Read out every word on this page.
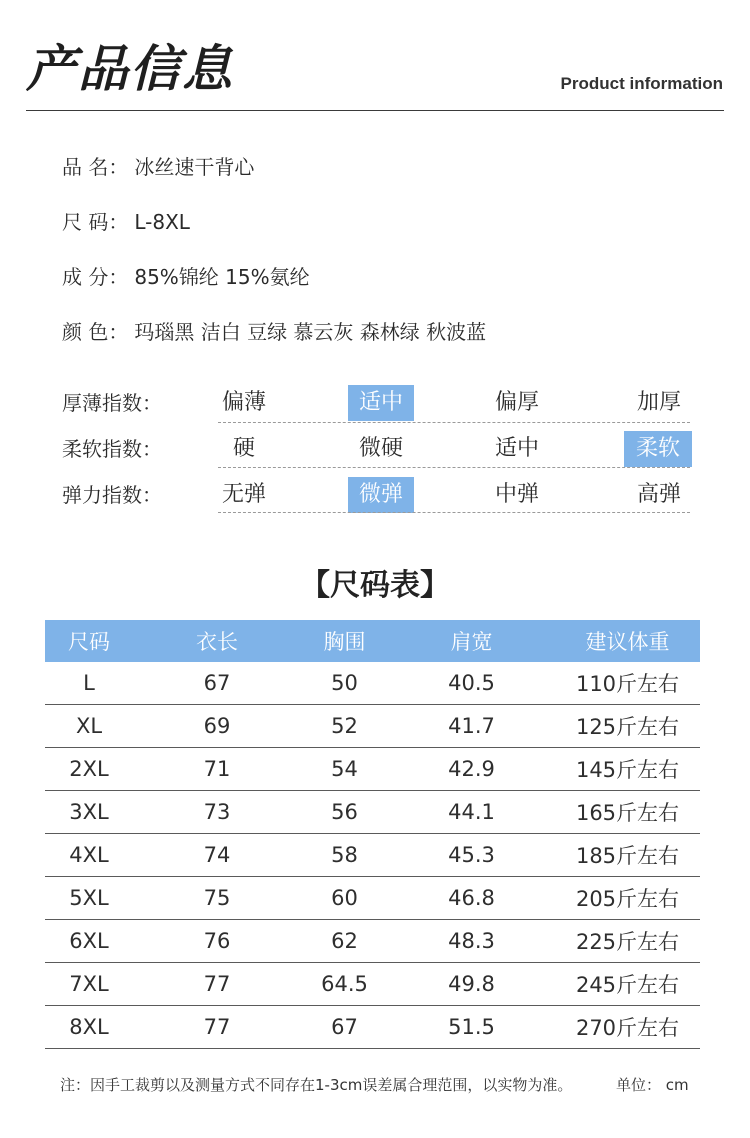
产品信息	Product information
品 名： 冰丝速干背心
尺 码：L-8XL
成 分： 85%锦纶 15%氨纶
颜 色： 玛瑙黑 洁白 豆绿 慕云灰 森林绿 秋波蓝
厚薄指数：	偏薄	适中	偏厚	加厚
柔软指数：	硬	微硬	适中	柔软
弹力指数：	无弹	微弹	中弹	高弹
【尺码表】
尺码	衣长	胸围	肩宽	建议体重
L	67	50	40.5	110斤左右
XL	69	52	41.7	125斤左右
2XL	71	54	42.9	145斤左右
3XL	73	56	44.1	165斤左右
4XL	74	58	45.3	185斤左右
5XL	75	60	46.8	205斤左右
6XL	76	62	48.3	225斤左右
7XL	77	64.5	49.8	245斤左右
8XL	77	67	51.5	270斤左右
注：因手工裁剪以及测量方式不同存在1-3cm误差属合理范围，以实物为准。	单位： cm
